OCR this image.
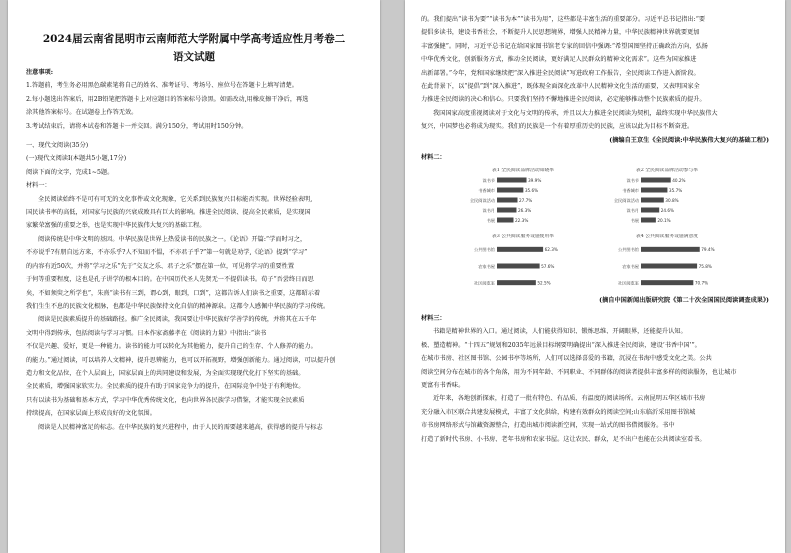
2024届云南省昆明市云南师范大学附属中学高考适应性月考卷二
语文试题

注意事项:

1.答题前，考生务必用黑色碳素笔将自己的姓名、准考证号、考场号、座位号在答题卡上填写清楚。

2.每小题选出答案后，用2B铅笔把答题卡上对应题目的答案标号涂黑。如需改动,用橡皮擦干净后，再选

涂其他答案标号。在试题卷上作答无效。

3.考试结束后，请将本试卷和答题卡一并交回。满分150分，考试用时150分钟。

一、现代文阅读(35分)

(一)现代文阅读Ⅰ(本题共5小题,17分)

阅读下面的文字，完成1~5题。

材料一：

全民阅读始终不是可有可无的文化事件或文化现象，它关系到民族复兴目标能否实现。世界经验表明,

国民读书率的高低，对国家与民族的兴衰成败具有巨大的影响。推进全民阅读、提高全民素质，是实现国

家繁荣富强的重要之举，也是实现中华民族伟大复兴的基础工程。

阅读传统是中华文明的基因。中华民族是世界上热爱读书的民族之一。《论语》开篇:“学而时习之，

不亦说乎?有朋自远方来，不亦乐乎?人不知而不愠，不亦君子乎?”第一句就是劝学,《论语》提到“学习”

的内容有近50次，并将“学习之乐”先于“交友之乐、君子之乐”摆在第一位，可见将学习的重要性置

于何等重要程度，这也是孔子讲学的根本目的。在中国历代圣人先贤无一不提倡读书。荀子“吾尝终日而思

矣，不如须臾之所学也”，朱熹“读书有三到，谓心到，眼到，口到”，这都告诉人们读书之重要，这都昭示着

我们生生不息的民族文化根脉，也都是中华民族保持文化自信的精神源泉。这都令人感佩中华民族的学习传统。

阅读是民族素质提升的基础路径。推广全民阅读，我国要让中华民族好学善学的传统，并将其在五千年

文明中得到传承，包括阅读与学习习惯。日本作家斋藤孝在《阅读的力量》中指出:“读书

不仅是兴趣、爱好，更是一种能力。读书的能力可以转化为其他能力，提升自己的生存、个人修养的能力。

的能力。”通过阅读，可以培养人文精神，提升思辨能力，也可以开拓视野，增强创新能力。通过阅读，可以提升创

造力和文化品位，在个人层面上，国家层面上的共同建设和发展，为全面实现现代化打下坚实的基础。

全民素质，增强国家软实力。全民素质的提升有助于国家竞争力的提升，在国际竞争中处于有利地位。

只有以读书为基础和基本方式，学习中华优秀传统文化，也向世界各民族学习借鉴，才能实现全民素质

持续提高，在国家层面上形成良好的文化氛围。

阅读是人民精神富足的标志。在中华民族的复兴进程中，由于人民的需要越来越高，获得感的提升与标志

的。我们提出“读书为要”“读书为本”“读书为用”，这些都是丰富生活的重要部分。习近平总书记指出:“要

提倡多读书，建设书香社会，不断提升人民思想境界，增强人民精神力量，中华民族精神世界就要更加

丰富强健”。同时，习近平总书记在给国家图书馆老专家的回信中强调:“希望国图坚持正确政治方向，弘扬

中华优秀文化，创新服务方式，推动全民阅读，更好满足人民群众的精神文化需求”。这些为国家推进

出新部署。”今年，党和国家继续把“深入推进全民阅读”写进政府工作报告，全民阅读工作进入新阶段。

在此背景下，以“提倡”到“深入推进”，既体现全面深化改革中人民精神文化生活的需要，又表明国家全

力推进全民阅读的决心和信心。只要我们坚持不懈地推进全民阅读，必定能够推动整个民族素质的提升。

我国国家高度重视阅读对于文化与文明的传承，并且以大力推进全民阅读为契机，最终实现中华民族伟大

复兴，中国梦也必将成为现实。我们的民族是一个有着厚重历史的民族，应该以此为目标不断奋进。

(摘编自王京生《全民阅读:中华民族伟大复兴的基础工程》)

材料二：

表1 全民阅读品牌活动知晓率
读书节	39.9%
书香城市	35.6%
全民阅读活动	27.7%
读书月	26.3%
书展	22.3%
表2 全民阅读品牌活动参与率
读书节	40.2%
书香城市	35.7%
全民阅读活动	30.8%
读书月	24.6%
书展	20.1%
表3 公共阅读服务设施使用率
公共图书馆	62.3%
农家书屋	57.6%
社区阅览室	52.5%
表4 公共阅读服务设施满意度
公共图书馆	79.4%
农家书屋	75.8%
社区阅览室	70.7%

(摘自中国新闻出版研究院《第二十次全国国民阅读调查成果》)

材料三：

书籍是精神世界的入口。通过阅读，人们能获得知识、锻炼思维、开阔眼界，还能提升认知。

极、塑造精神。“十四五”规划和2035年远景目标纲要明确提出“深入推进全民阅读，建设‘书香中国’”。

在城市书房、社区图书馆、公园书亭等场所，人们可以选择喜爱的书籍，沉浸在书海中感受文化之美。公共

阅读空间分布在城市的各个角落，用为不同年龄、不同职业、不同群体的阅读者提供丰富多样的阅读服务，也让城市

更富有书香味。

近年来，各地创新探索，打造了一批有特色、有品质、有温度的阅读场所。云南昆明五华区城市书房

充分融入市区联合共建发展模式，丰富了文化供给，构建有效群众的阅读空间;山东临沂采用图书馆城

市书房网络形式与馆藏资源整合，打造出城市阅读新空间，实现一站式的图书借阅服务。书中

打造了新时代书房、小书房、老年书房和农家书屋。这让农民、群众，足不出户也能在公共阅读室看书。
